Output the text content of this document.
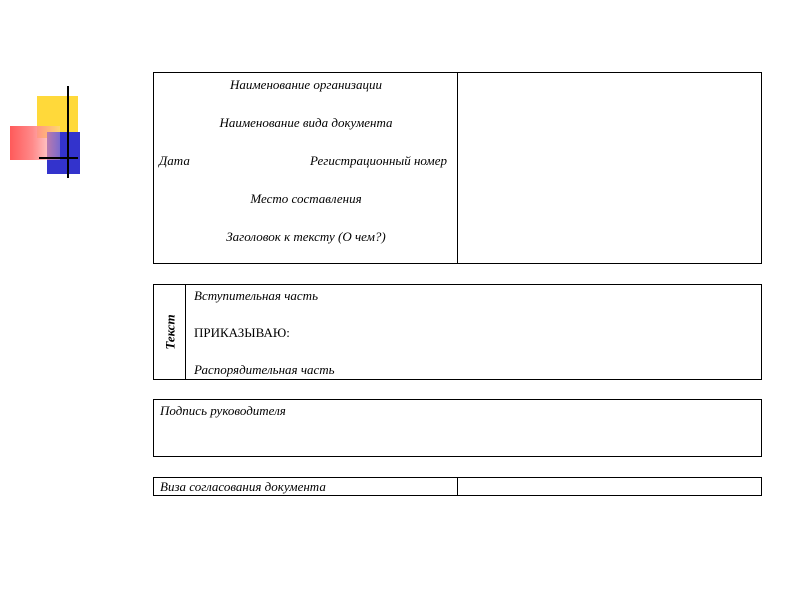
Наименование организации
Наименование вида документа
Дата	Регистрационный номер
Место составления
Заголовок к тексту (О чем?)
Текст
Вступительная часть
ПРИКАЗЫВАЮ:
Распорядительная часть
Подпись руководителя
Виза согласования документа
